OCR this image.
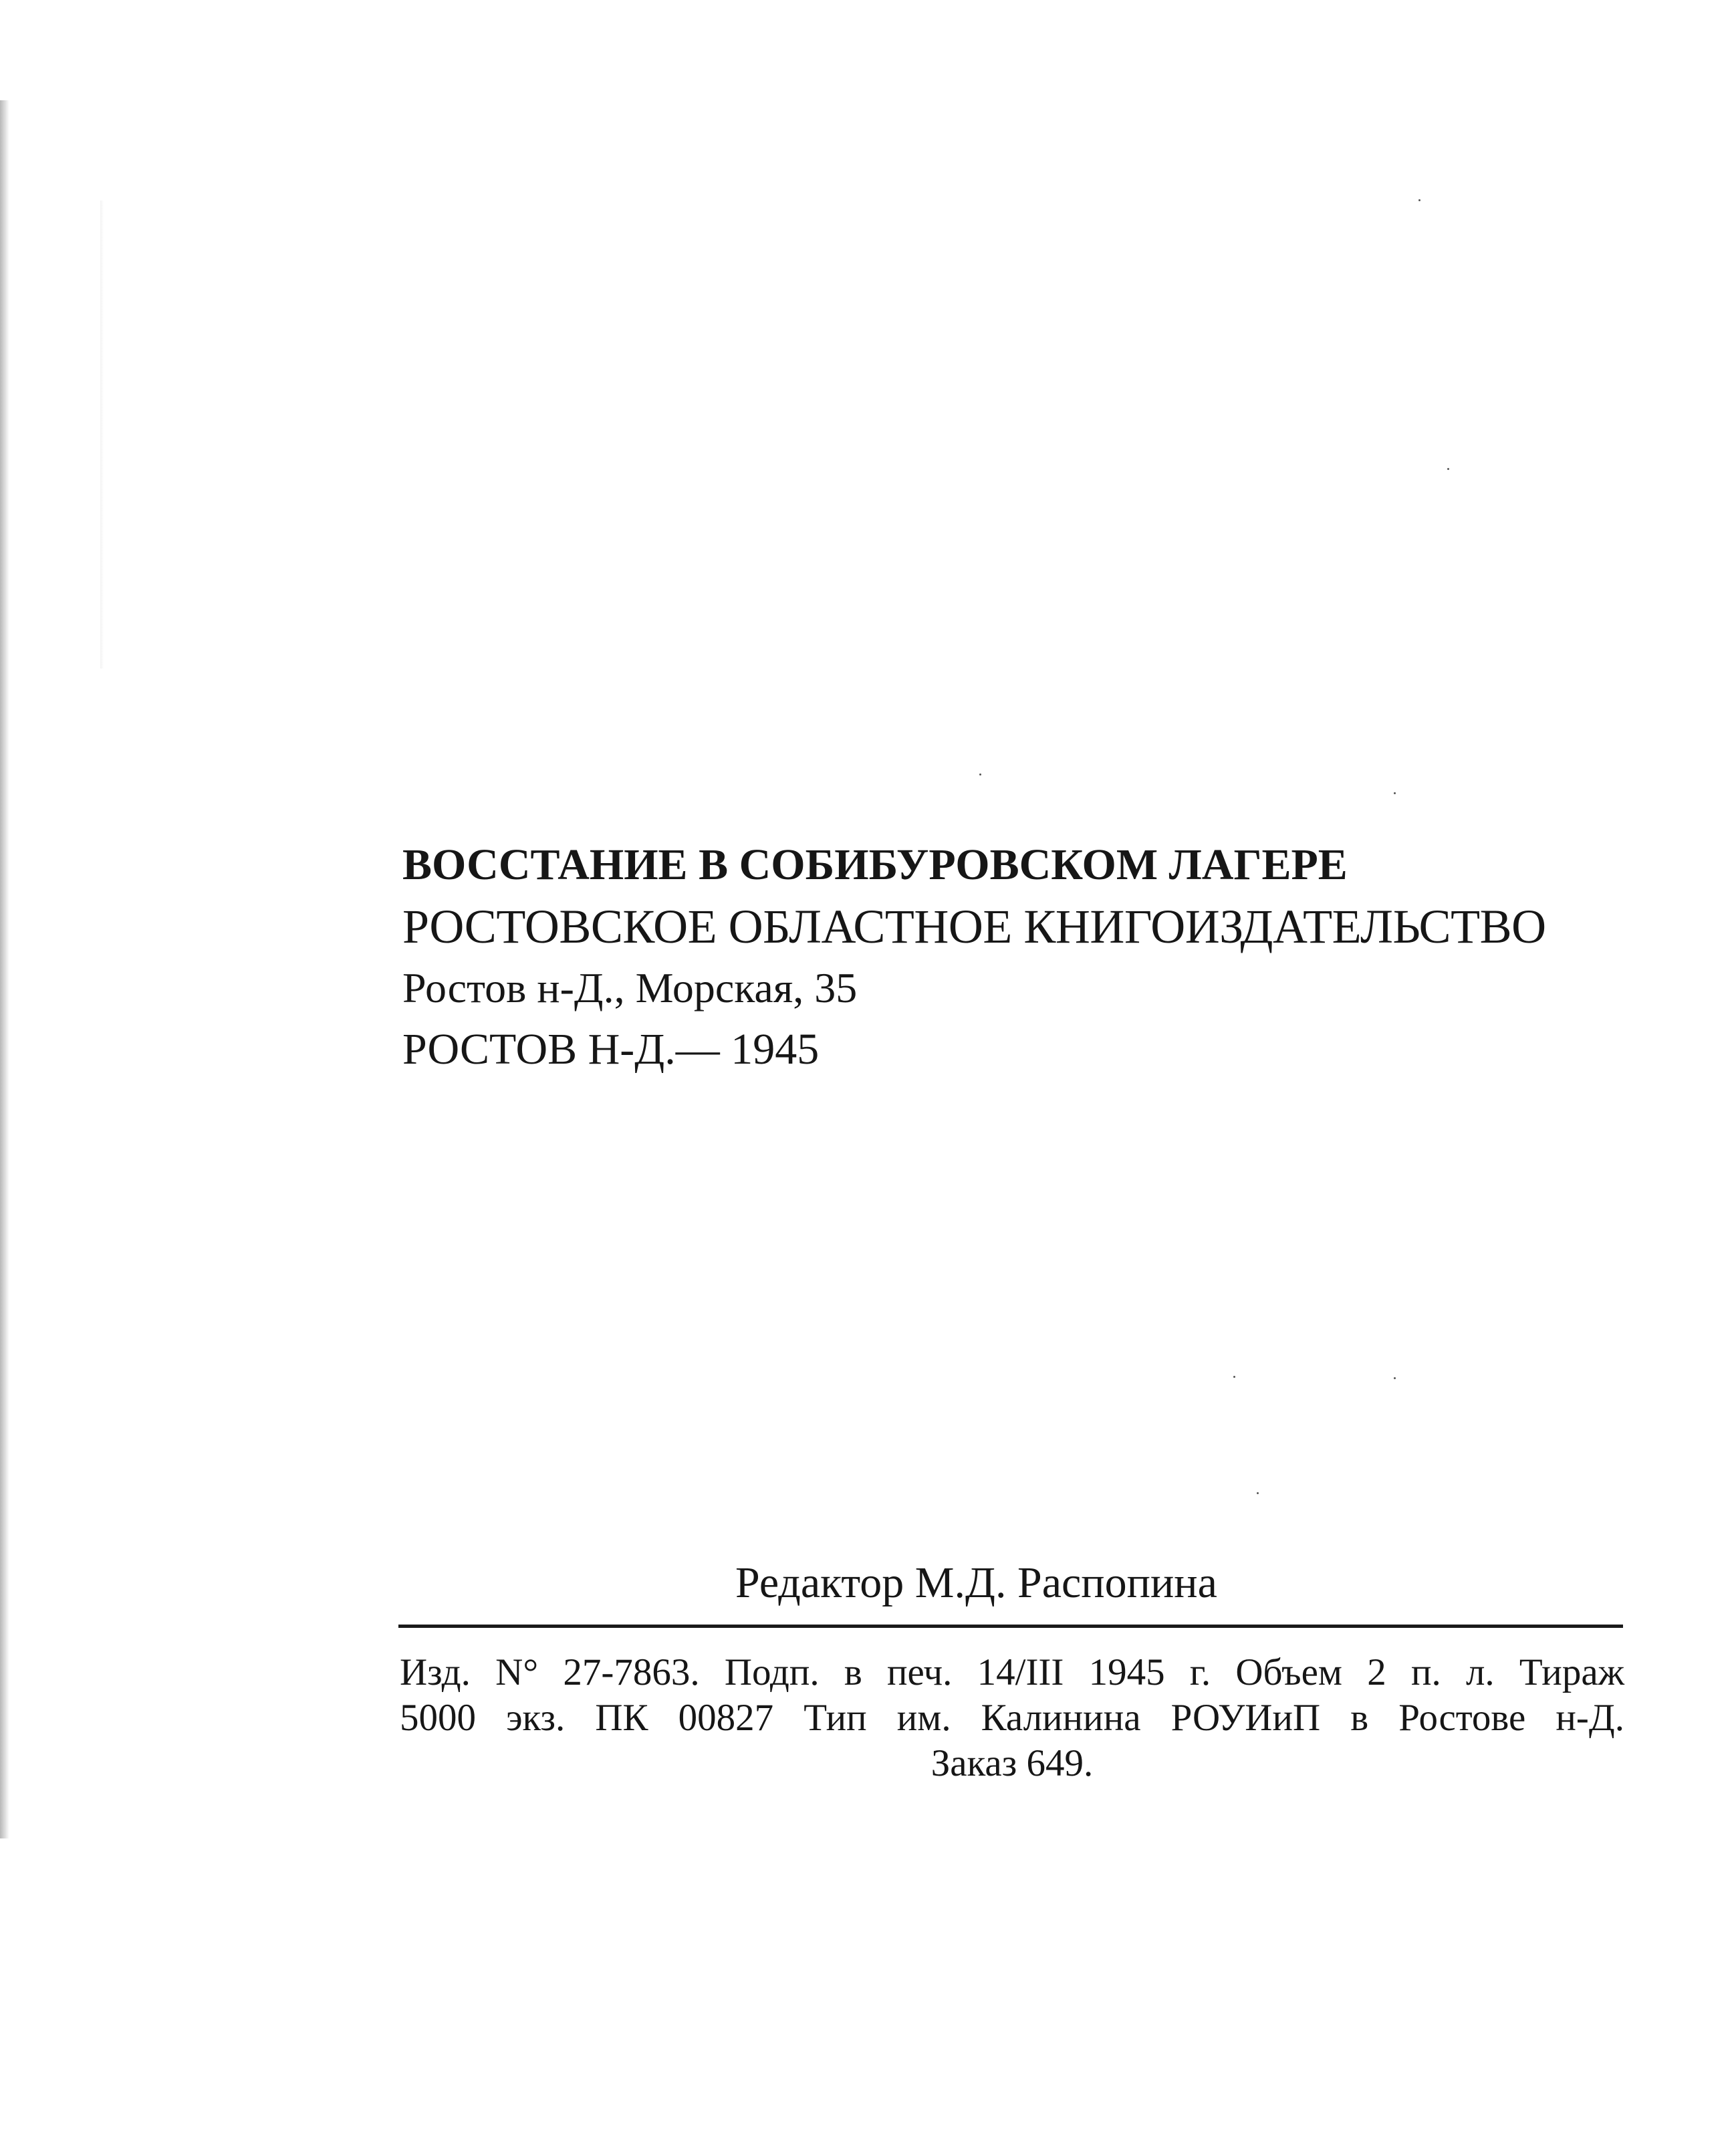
ВОССТАНИЕ В СОБИБУРОВСКОМ ЛАГЕРЕ
РОСТОВСКОЕ ОБЛАСТНОЕ КНИГОИЗДАТЕЛЬСТВО
Ростов н-Д., Морская, 35
РОСТОВ Н-Д.— 1945
Редактор М.Д. Распопина
Изд. N° 27-7863. Подп. в печ. 14/III 1945 г. Объем 2 п. л. Тираж
5000 экз. ПК 00827 Тип им. Калинина РОУИиП в Ростове н-Д.
Заказ 649.
